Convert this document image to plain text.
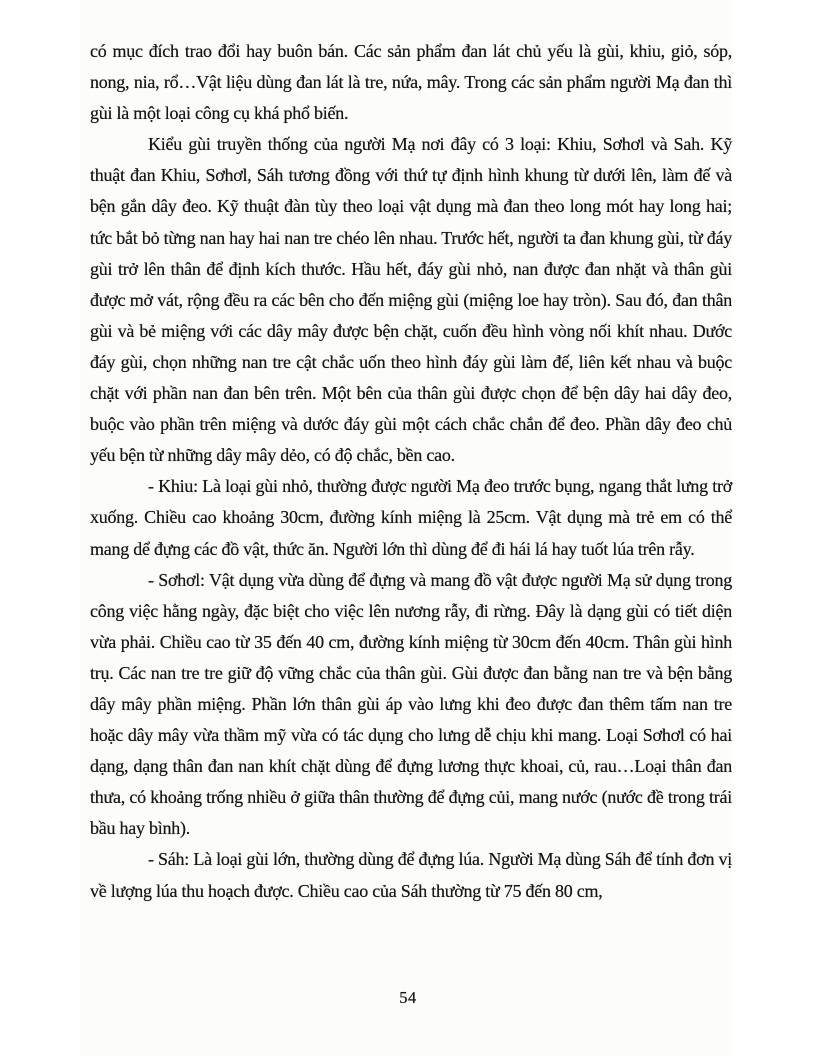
có mục đích trao đổi hay buôn bán. Các sản phẩm đan lát chủ yếu là gùi, khiu, giỏ, sóp, nong, nia, rổ…Vật liệu dùng đan lát là tre, nứa, mây. Trong các sản phẩm người Mạ đan thì gùi là một loại công cụ khá phổ biến.

Kiểu gùi truyền thống của người Mạ nơi đây có 3 loại: Khiu, Sơhơl và Sah. Kỹ thuật đan Khiu, Sơhơl, Sáh tương đồng với thứ tự định hình khung từ dưới lên, làm đế và bện gắn dây đeo. Kỹ thuật đàn tùy theo loại vật dụng mà đan theo long mót hay long hai; tức bắt bỏ từng nan hay hai nan tre chéo lên nhau. Trước hết, người ta đan khung gùi, từ đáy gùi trở lên thân để định kích thước. Hầu hết, đáy gùi nhỏ, nan được đan nhặt và thân gùi được mở vát, rộng đều ra các bên cho đến miệng gùi (miệng loe hay tròn). Sau đó, đan thân gùi và bẻ miệng với các dây mây được bện chặt, cuốn đều hình vòng nối khít nhau. Dước đáy gùi, chọn những nan tre cật chắc uốn theo hình đáy gùi làm đế, liên kết nhau và buộc chặt với phần nan đan bên trên. Một bên của thân gùi được chọn để bện dây hai dây đeo, buộc vào phần trên miệng và dước đáy gùi một cách chắc chắn để đeo. Phần dây đeo chủ yếu bện từ những dây mây dẻo, có độ chắc, bền cao.

- Khiu: Là loại gùi nhỏ, thường được người Mạ đeo trước bụng, ngang thắt lưng trở xuống. Chiều cao khoảng 30cm, đường kính miệng là 25cm. Vật dụng mà trẻ em có thể mang dể đựng các đồ vật, thức ăn. Người lớn thì dùng để đi hái lá hay tuốt lúa trên rẫy.

- Sơhơl: Vật dụng vừa dùng để đựng và mang đồ vật được người Mạ sử dụng trong công việc hằng ngày, đặc biệt cho việc lên nương rẫy, đi rừng. Đây là dạng gùi có tiết diện vừa phải. Chiều cao từ 35 đến 40 cm, đường kính miệng từ 30cm đến 40cm. Thân gùi hình trụ. Các nan tre tre giữ độ vững chắc của thân gùi. Gùi được đan bằng nan tre và bện bằng dây mây phần miệng. Phần lớn thân gùi áp vào lưng khi đeo được đan thêm tấm nan tre hoặc dây mây vừa thầm mỹ vừa có tác dụng cho lưng dễ chịu khi mang. Loại Sơhơl có hai dạng, dạng thân đan nan khít chặt dùng để đựng lương thực khoai, củ, rau…Loại thân đan thưa, có khoảng trống nhiều ở giữa thân thường để đựng củi, mang nước (nước đề trong trái bầu hay bình).

- Sáh: Là loại gùi lớn, thường dùng để đựng lúa. Người Mạ dùng Sáh để tính đơn vị về lượng lúa thu hoạch được. Chiều cao của Sáh thường từ 75 đến 80 cm,

54
